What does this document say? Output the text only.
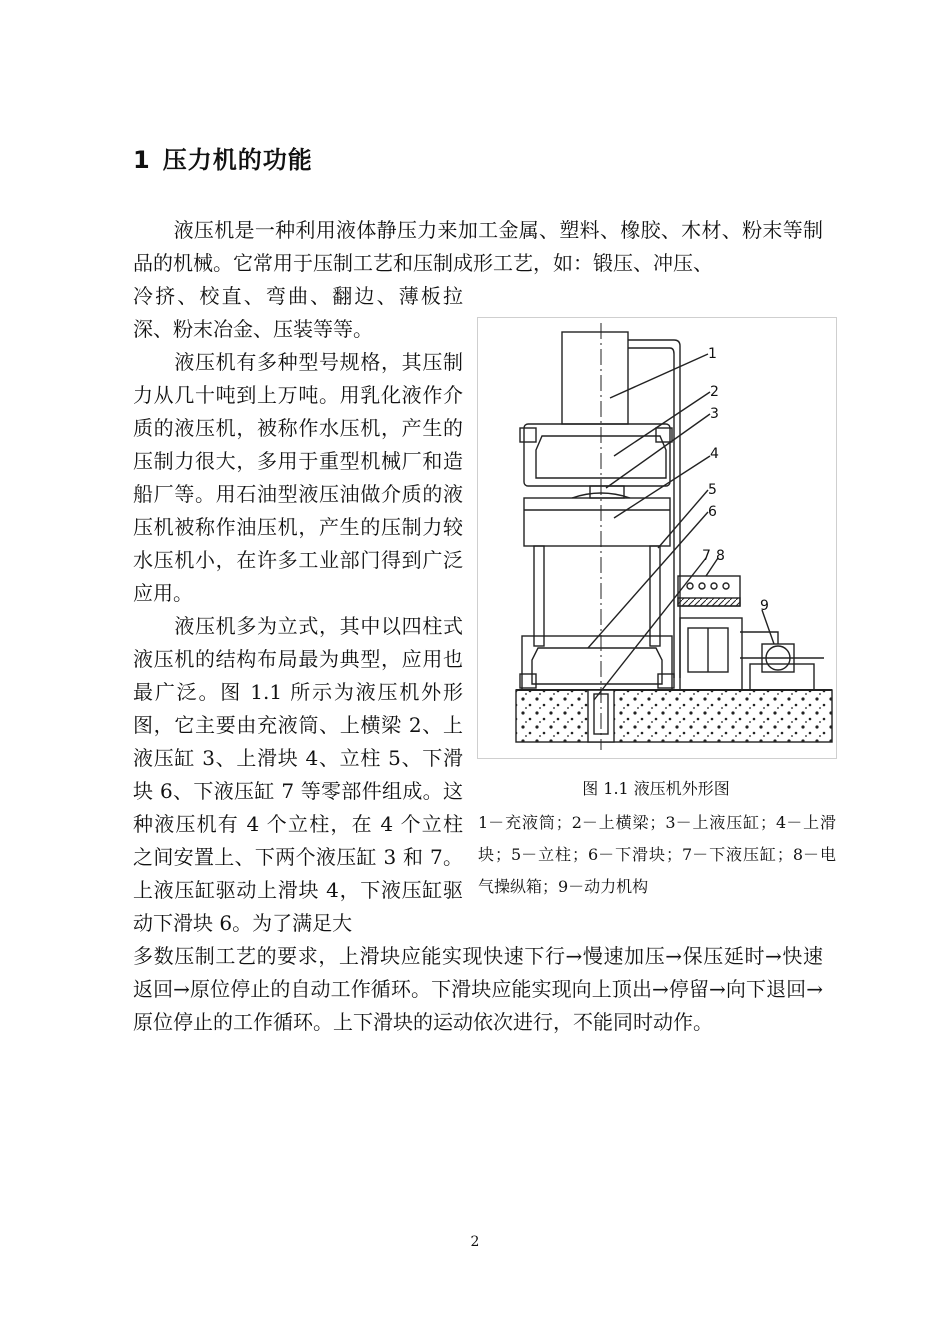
1 压力机的功能

　　液压机是一种利用液体静压力来加工金属、塑料、橡胶、木材、粉末等制品的机械。它常用于压制工艺和压制成形工艺，如：锻压、冲压、

冷挤、校直、弯曲、翻边、薄板拉深、粉末冶金、压装等等。

　　液压机有多种型号规格，其压制力从几十吨到上万吨。用乳化液作介质的液压机，被称作水压机，产生的压制力很大，多用于重型机械厂和造船厂等。用石油型液压油做介质的液压机被称作油压机，产生的压制力较水压机小，在许多工业部门得到广泛应用。

　　液压机多为立式，其中以四柱式液压机的结构布局最为典型，应用也最广泛。图 1.1 所示为液压机外形图，它主要由充液筒、上横梁 2、上液压缸 3、上滑块 4、立柱 5、下滑块 6、下液压缸 7 等零部件组成。这种液压机有 4 个立柱，在 4 个立柱之间安置上、下两个液压缸 3 和 7。上液压缸驱动上滑块 4，下液压缸驱动下滑块 6。为了满足大

多数压制工艺的要求，上滑块应能实现快速下行→慢速加压→保压延时→快速返回→原位停止的自动工作循环。下滑块应能实现向上顶出→停留→向下退回→原位停止的工作循环。上下滑块的运动依次进行，不能同时动作。

1
2
3
4
5
6
7 8
9

图 1.1 液压机外形图

1－充液筒；2－上横梁；3－上液压缸；4－上滑块；5－立柱；6－下滑块；7－下液压缸；8－电气操纵箱；9－动力机构

2
